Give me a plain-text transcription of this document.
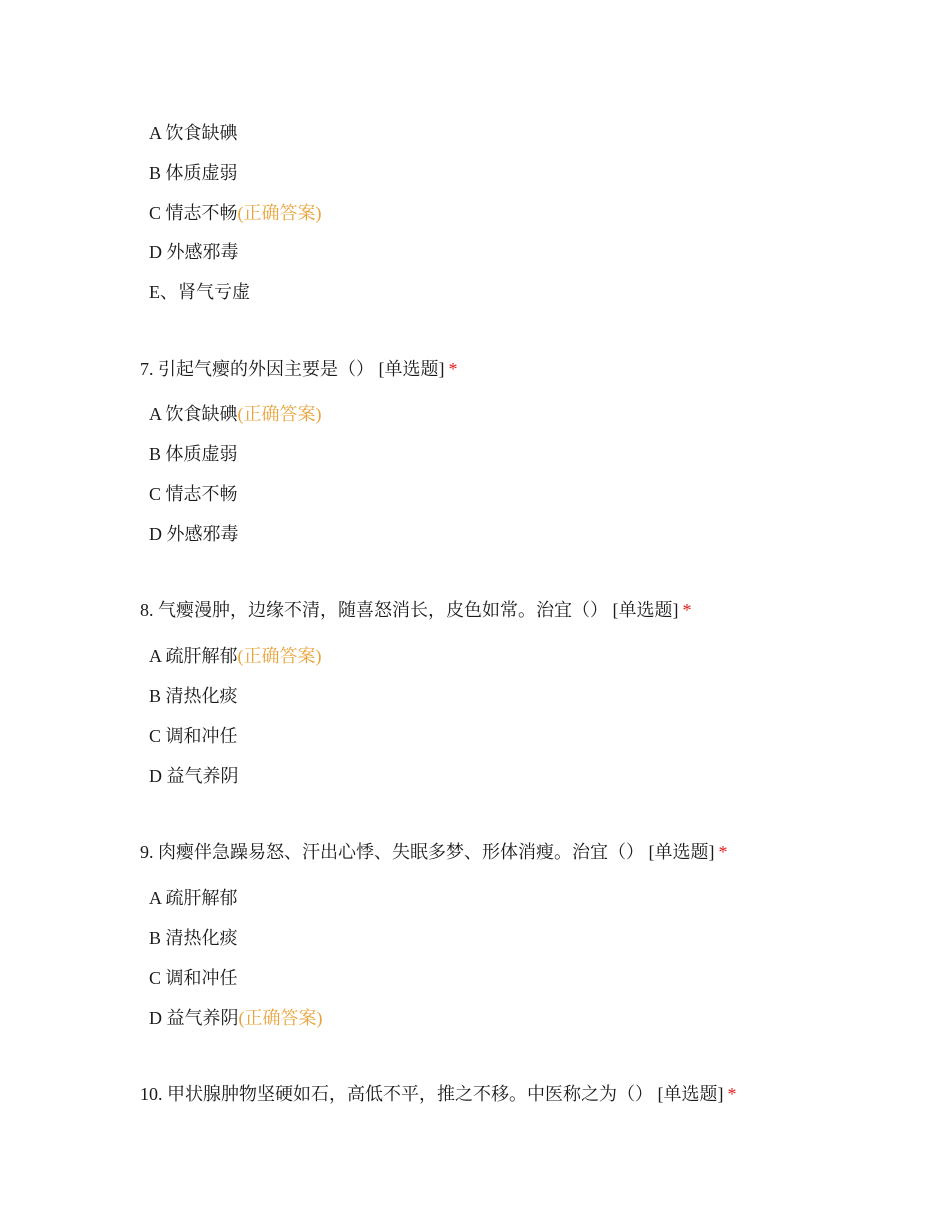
A 饮食缺碘
B 体质虚弱
C 情志不畅(正确答案)
D 外感邪毒
E、肾气亏虚
7. 引起气瘿的外因主要是（） [单选题] *
A 饮食缺碘(正确答案)
B 体质虚弱
C 情志不畅
D 外感邪毒
8. 气瘿漫肿，边缘不清，随喜怒消长，皮色如常。治宜（） [单选题] *
A 疏肝解郁(正确答案)
B 清热化痰
C 调和冲任
D 益气养阴
9. 肉瘿伴急躁易怒、汗出心悸、失眠多梦、形体消瘦。治宜（） [单选题] *
A 疏肝解郁
B 清热化痰
C 调和冲任
D 益气养阴(正确答案)
10. 甲状腺肿物坚硬如石，高低不平，推之不移。中医称之为（） [单选题] *
